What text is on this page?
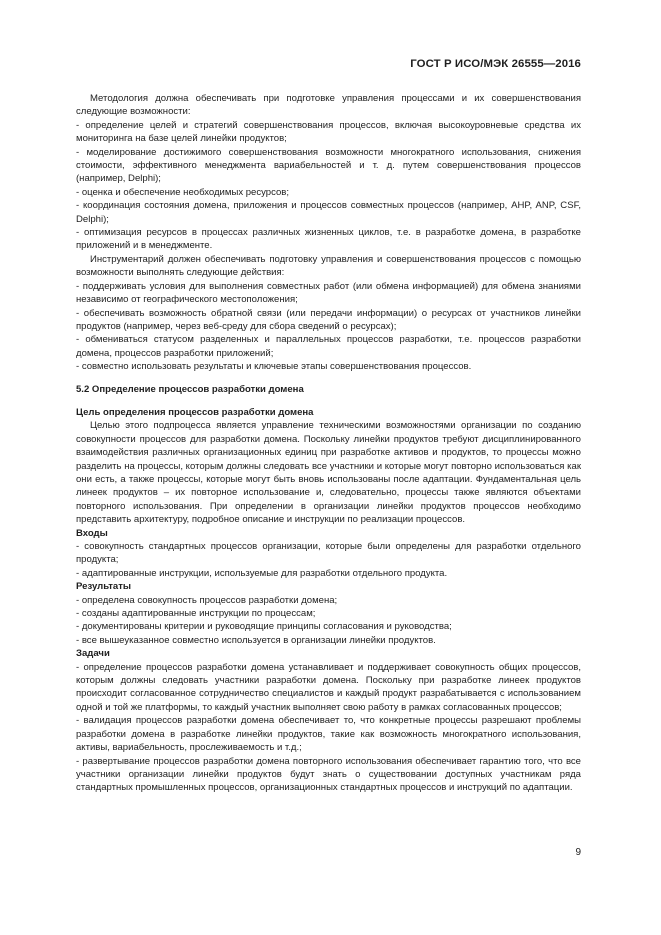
ГОСТ Р ИСО/МЭК 26555—2016

Методология должна обеспечивать при подготовке управления процессами и их совершенствования следующие возможности:

- определение целей и стратегий совершенствования процессов, включая высокоуровневые средства их мониторинга на базе целей линейки продуктов;

- моделирование достижимого совершенствования возможности многократного использования, снижения стоимости, эффективного менеджмента вариабельностей и т. д. путем совершенствования процессов (например, Delphi);

- оценка и обеспечение необходимых ресурсов;

- координация состояния домена, приложения и процессов совместных процессов (например, AHP, ANP, CSF, Delphi);

- оптимизация ресурсов в процессах различных жизненных циклов, т.е. в разработке домена, в разработке приложений и в менеджменте.

Инструментарий должен обеспечивать подготовку управления и совершенствования процессов с помощью возможности выполнять следующие действия:

- поддерживать условия для выполнения совместных работ (или обмена информацией) для обмена знаниями независимо от географического местоположения;

- обеспечивать возможность обратной связи (или передачи информации) о ресурсах от участников линейки продуктов (например, через веб-среду для сбора сведений о ресурсах);

- обмениваться статусом разделенных и параллельных процессов разработки, т.е. процессов разработки домена, процессов разработки приложений;

- совместно использовать результаты и ключевые этапы совершенствования процессов.

5.2 Определение процессов разработки домена

Цель определения процессов разработки домена

Целью этого подпроцесса является управление техническими возможностями организации по созданию совокупности процессов для разработки домена. Поскольку линейки продуктов требуют дисциплинированного взаимодействия различных организационных единиц при разработке активов и продуктов, то процессы можно разделить на процессы, которым должны следовать все участники и которые могут повторно использоваться как они есть, а также процессы, которые могут быть вновь использованы после адаптации. Фундаментальная цель линеек продуктов – их повторное использование и, следовательно, процессы также являются объектами повторного использования. При определении в организации линейки продуктов процессов необходимо представить архитектуру, подробное описание и инструкции по реализации процессов.

Входы

- совокупность стандартных процессов организации, которые были определены для разработки отдельного продукта;

- адаптированные инструкции, используемые для разработки отдельного продукта.

Результаты

- определена совокупность процессов разработки домена;

- созданы адаптированные инструкции по процессам;

- документированы критерии и руководящие принципы согласования и руководства;

- все вышеуказанное совместно используется в организации линейки продуктов.

Задачи

- определение процессов разработки домена устанавливает и поддерживает совокупность общих процессов, которым должны следовать участники разработки домена. Поскольку при разработке линеек продуктов происходит согласованное сотрудничество специалистов и каждый продукт разрабатывается с использованием одной и той же платформы, то каждый участник выполняет свою работу в рамках согласованных процессов;

- валидация процессов разработки домена обеспечивает то, что конкретные процессы разрешают проблемы разработки домена в разработке линейки продуктов, такие как возможность многократного использования, активы, вариабельность, прослеживаемость и т.д.;

- развертывание процессов разработки домена повторного использования обеспечивает гарантию того, что все участники организации линейки продуктов будут знать о существовании доступных участникам ряда стандартных промышленных процессов, организационных стандартных процессов и инструкций по адаптации.

9
